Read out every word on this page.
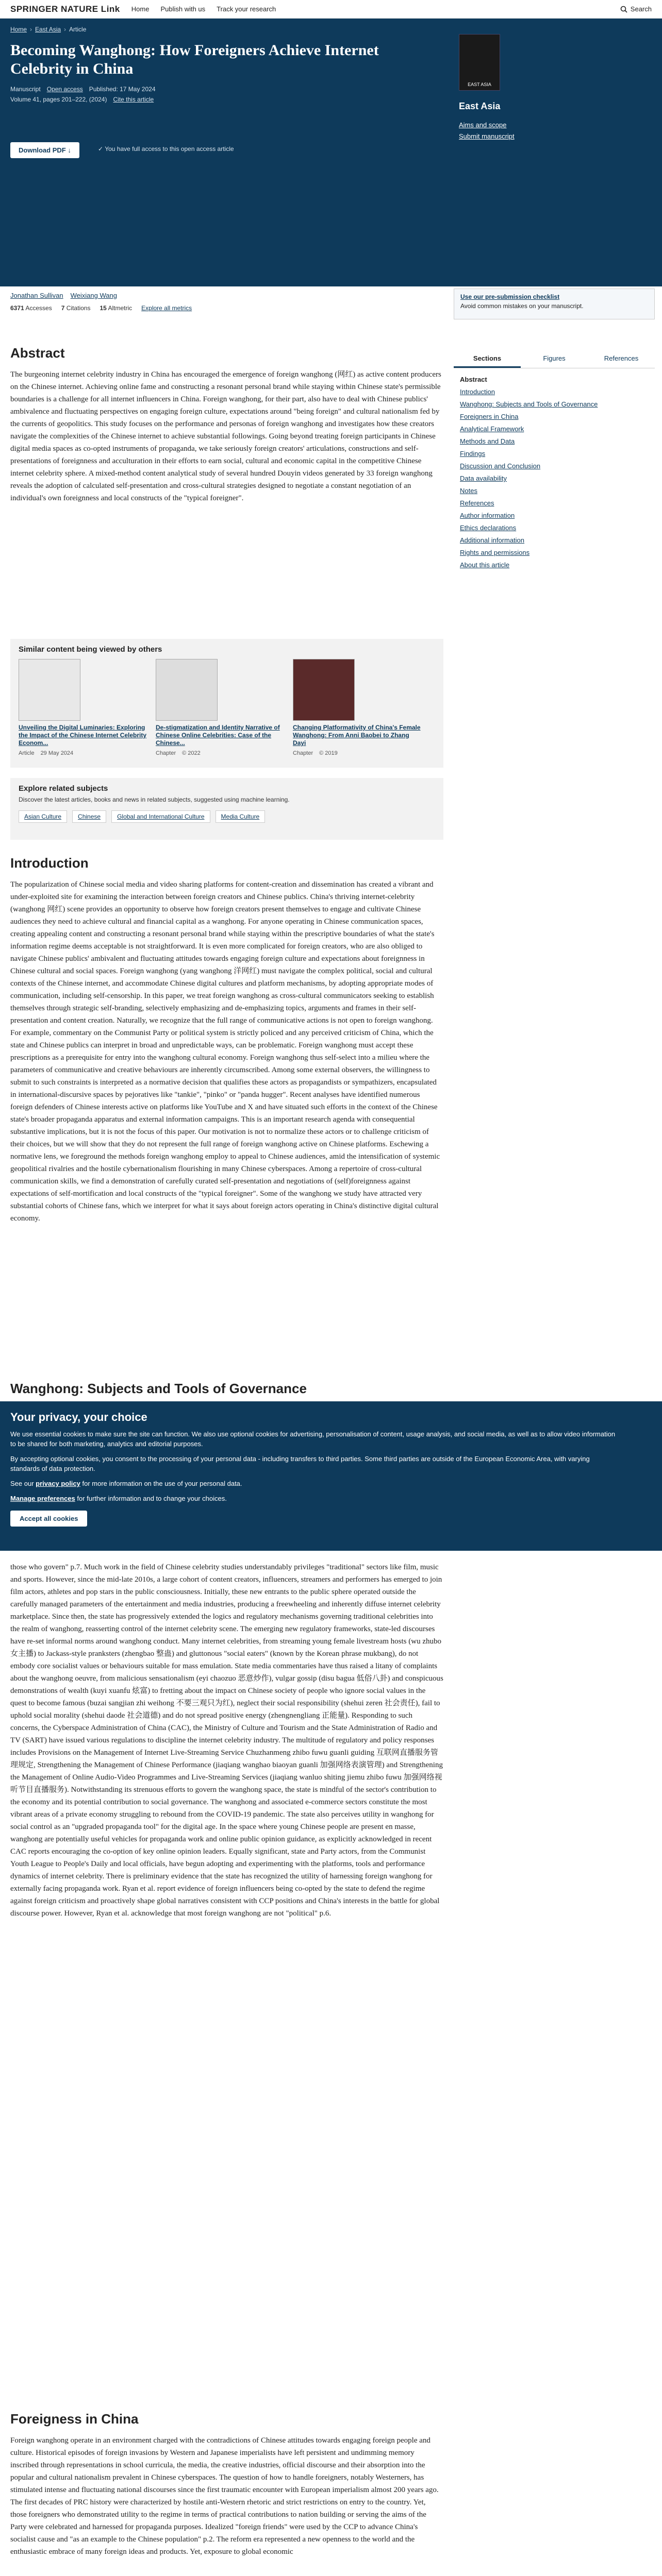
SPRINGER NATURE Link Home Publish with us Track your research	Search
Home › East Asia › Article
Becoming Wanghong: How Foreigners Achieve Internet Celebrity in China
Manuscript Open access Published: 17 May 2024
Volume 41, pages 201–222, (2024) Cite this article
Download PDF ↓	✓ You have full access to this open access article
EAST ASIA
East Asia
Aims and scope
Submit manuscript
Jonathan Sullivan Weixiang Wang
6371 Accesses 7 Citations 15 Altmetric Explore all metrics
Use our pre-submission checklist
Avoid common mistakes on your manuscript.
Abstract

The burgeoning internet celebrity industry in China has encouraged the emergence of foreign wanghong (网红) as active content producers on the Chinese internet. Achieving online fame and constructing a resonant personal brand while staying within Chinese state's permissible boundaries is a challenge for all internet influencers in China. Foreign wanghong, for their part, also have to deal with Chinese publics' ambivalence and fluctuating perspectives on engaging foreign culture, expectations around "being foreign" and cultural nationalism fed by the currents of geopolitics. This study focuses on the performance and personas of foreign wanghong and investigates how these creators navigate the complexities of the Chinese internet to achieve substantial followings. Going beyond treating foreign participants in Chinese digital media spaces as co-opted instruments of propaganda, we take seriously foreign creators' articulations, constructions and self-presentations of foreignness and acculturation in their efforts to earn social, cultural and economic capital in the competitive Chinese internet celebrity sphere. A mixed-method content analytical study of several hundred Douyin videos generated by 33 foreign wanghong reveals the adoption of calculated self-presentation and cross-cultural strategies designed to negotiate a constant negotiation of an individual's own foreignness and local constructs of the "typical foreigner".

Similar content being viewed by others
Unveiling the Digital Luminaries: Exploring the Impact of the Chinese Internet Celebrity Econom...
Article 29 May 2024
De-stigmatization and Identity Narrative of Chinese Online Celebrities: Case of the Chinese...
Chapter © 2022
Changing Platformativity of China's Female Wanghong: From Anni Baobei to Zhang Dayi
Chapter © 2019
Explore related subjects

Discover the latest articles, books and news in related subjects, suggested using machine learning.

Asian Culture	Chinese	Global and International Culture	Media Culture
Sections	Figures	References
Abstract
Introduction
Wanghong: Subjects and Tools of Governance
Foreigners in China
Analytical Framework
Methods and Data
Findings
Discussion and Conclusion
Data availability
Notes
References
Author information
Ethics declarations
Additional information
Rights and permissions
About this article
Introduction

The popularization of Chinese social media and video sharing platforms for content-creation and dissemination has created a vibrant and under-exploited site for examining the interaction between foreign creators and Chinese publics. China's thriving internet-celebrity (wanghong 网红) scene provides an opportunity to observe how foreign creators present themselves to engage and cultivate Chinese audiences they need to achieve cultural and financial capital as a wanghong. For anyone operating in Chinese communication spaces, creating appealing content and constructing a resonant personal brand while staying within the prescriptive boundaries of what the state's information regime deems acceptable is not straightforward. It is even more complicated for foreign creators, who are also obliged to navigate Chinese publics' ambivalent and fluctuating attitudes towards engaging foreign culture and expectations about foreignness in Chinese cultural and social spaces. Foreign wanghong (yang wanghong 洋网红) must navigate the complex political, social and cultural contexts of the Chinese internet, and accommodate Chinese digital cultures and platform mechanisms, by adopting appropriate modes of communication, including self-censorship. In this paper, we treat foreign wanghong as cross-cultural communicators seeking to establish themselves through strategic self-branding, selectively emphasizing and de-emphasizing topics, arguments and frames in their self-presentation and content creation. Naturally, we recognize that the full range of communicative actions is not open to foreign wanghong. For example, commentary on the Communist Party or political system is strictly policed and any perceived criticism of China, which the state and Chinese publics can interpret in broad and unpredictable ways, can be problematic. Foreign wanghong must accept these prescriptions as a prerequisite for entry into the wanghong cultural economy. Foreign wanghong thus self-select into a milieu where the parameters of communicative and creative behaviours are inherently circumscribed. Among some external observers, the willingness to submit to such constraints is interpreted as a normative decision that qualifies these actors as propagandists or sympathizers, encapsulated in international-discursive spaces by pejoratives like "tankie", "pinko" or "panda hugger". Recent analyses have identified numerous foreign defenders of Chinese interests active on platforms like YouTube and X and have situated such efforts in the context of the Chinese state's broader propaganda apparatus and external information campaigns. This is an important research agenda with consequential substantive implications, but it is not the focus of this paper. Our motivation is not to normalize these actors or to challenge criticism of their choices, but we will show that they do not represent the full range of foreign wanghong active on Chinese platforms. Eschewing a normative lens, we foreground the methods foreign wanghong employ to appeal to Chinese audiences, amid the intensification of systemic geopolitical rivalries and the hostile cybernationalism flourishing in many Chinese cyberspaces. Among a repertoire of cross-cultural communication skills, we find a demonstration of carefully curated self-presentation and negotiations of (self)foreignness against expectations of self-mortification and local constructs of the "typical foreigner". Some of the wanghong we study have attracted very substantial cohorts of Chinese fans, which we interpret for what it says about foreign actors operating in China's distinctive digital cultural economy.

Wanghong: Subjects and Tools of Governance
Your privacy, your choice

We use essential cookies to make sure the site can function. We also use optional cookies for advertising, personalisation of content, usage analysis, and social media, as well as to allow video information to be shared for both marketing, analytics and editorial purposes.

By accepting optional cookies, you consent to the processing of your personal data - including transfers to third parties. Some third parties are outside of the European Economic Area, with varying standards of data protection.

See our privacy policy for more information on the use of your personal data.

Manage preferences for further information and to change your choices.

Accept all cookies

those who govern" p.7. Much work in the field of Chinese celebrity studies understandably privileges "traditional" sectors like film, music and sports. However, since the mid-late 2010s, a large cohort of content creators, influencers, streamers and performers has emerged to join film actors, athletes and pop stars in the public consciousness. Initially, these new entrants to the public sphere operated outside the carefully managed parameters of the entertainment and media industries, producing a freewheeling and inherently diffuse internet celebrity marketplace. Since then, the state has progressively extended the logics and regulatory mechanisms governing traditional celebrities into the realm of wanghong, reasserting control of the internet celebrity scene. The emerging new regulatory frameworks, state-led discourses have re-set informal norms around wanghong conduct. Many internet celebrities, from streaming young female livestream hosts (wu zhubo 女主播) to Jackass-style pranksters (zhengbao 整蛊) and gluttonous "social eaters" (known by the Korean phrase mukbang), do not embody core socialist values or behaviours suitable for mass emulation. State media commentaries have thus raised a litany of complaints about the wanghong oeuvre, from malicious sensationalism (eyi chaozuo 恶意炒作), vulgar gossip (disu bagua 低俗八卦) and conspicuous demonstrations of wealth (kuyi xuanfu 炫富) to fretting about the impact on Chinese society of people who ignore social values in the quest to become famous (buzai sangjian zhi weihong 不要三观只为红), neglect their social responsibility (shehui zeren 社会责任), fail to uphold social morality (shehui daode 社会道德) and do not spread positive energy (zhengnengliang 正能量). Responding to such concerns, the Cyberspace Administration of China (CAC), the Ministry of Culture and Tourism and the State Administration of Radio and TV (SART) have issued various regulations to discipline the internet celebrity industry. The multitude of regulatory and policy responses includes Provisions on the Management of Internet Live-Streaming Service Chuzhanmeng zhibo fuwu guanli guiding 互联网直播服务管理规定, Strengthening the Management of Chinese Performance (jiaqiang wanghao biaoyan guanli 加强网络表演管理) and Strengthening the Management of Online Audio-Video Programmes and Live-Streaming Services (jiaqiang wanluo shiting jiemu zhibo fuwu 加强网络视听节目直播服务). Notwithstanding its strenuous efforts to govern the wanghong space, the state is mindful of the sector's contribution to the economy and its potential contribution to social governance. The wanghong and associated e-commerce sectors constitute the most vibrant areas of a private economy struggling to rebound from the COVID-19 pandemic. The state also perceives utility in wanghong for social control as an "upgraded propaganda tool" for the digital age. In the space where young Chinese people are present en masse, wanghong are potentially useful vehicles for propaganda work and online public opinion guidance, as explicitly acknowledged in recent CAC reports encouraging the co-option of key online opinion leaders. Equally significant, state and Party actors, from the Communist Youth League to People's Daily and local officials, have begun adopting and experimenting with the platforms, tools and performance dynamics of internet celebrity. There is preliminary evidence that the state has recognized the utility of harnessing foreign wanghong for externally facing propaganda work. Ryan et al. report evidence of foreign influencers being co-opted by the state to defend the regime against foreign criticism and proactively shape global narratives consistent with CCP positions and China's interests in the battle for global discourse power. However, Ryan et al. acknowledge that most foreign wanghong are not "political" p.6.

Foreigness in China

Foreign wanghong operate in an environment charged with the contradictions of Chinese attitudes towards engaging foreign people and culture. Historical episodes of foreign invasions by Western and Japanese imperialists have left persistent and undimming memory inscribed through representations in school curricula, the media, the creative industries, official discourse and their absorption into the popular and cultural nationalism prevalent in Chinese cyberspaces. The question of how to handle foreigners, notably Westerners, has stimulated intense and fluctuating national discourses since the first traumatic encounter with European imperialism almost 200 years ago. The first decades of PRC history were characterized by hostile anti-Western rhetoric and strict restrictions on entry to the country. Yet, those foreigners who demonstrated utility to the regime in terms of practical contributions to nation building or serving the aims of the Party were celebrated and harnessed for propaganda purposes. Idealized "foreign friends" were used by the CCP to advance China's socialist cause and "as an example to the Chinese population" p.2. The reform era represented a new openness to the world and the enthusiastic embrace of many foreign ideas and products. Yet, exposure to global economic
